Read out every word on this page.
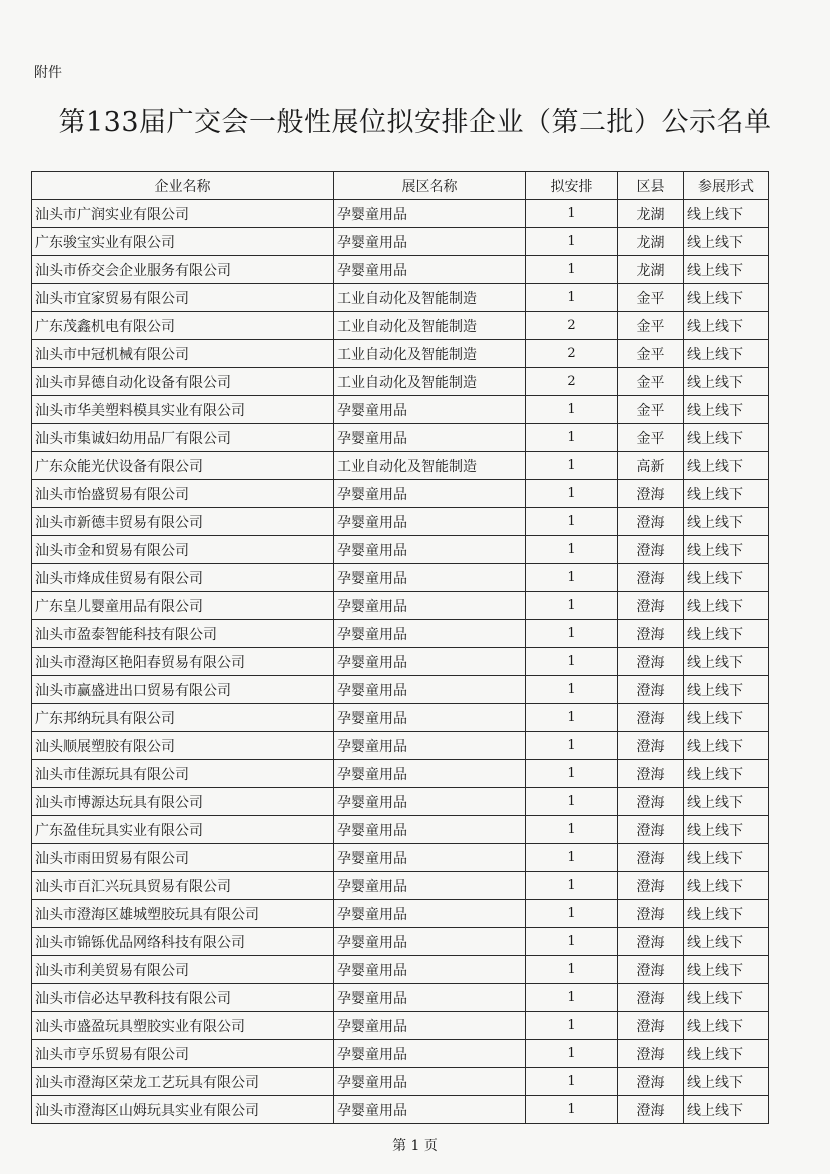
附件
第133届广交会一般性展位拟安排企业（第二批）公示名单
企业名称	展区名称	拟安排	区县	参展形式
汕头市广润实业有限公司	孕婴童用品	1	龙湖	线上线下
广东骏宝实业有限公司	孕婴童用品	1	龙湖	线上线下
汕头市侨交会企业服务有限公司	孕婴童用品	1	龙湖	线上线下
汕头市宜家贸易有限公司	工业自动化及智能制造	1	金平	线上线下
广东茂鑫机电有限公司	工业自动化及智能制造	2	金平	线上线下
汕头市中冠机械有限公司	工业自动化及智能制造	2	金平	线上线下
汕头市昇德自动化设备有限公司	工业自动化及智能制造	2	金平	线上线下
汕头市华美塑料模具实业有限公司	孕婴童用品	1	金平	线上线下
汕头市集诚妇幼用品厂有限公司	孕婴童用品	1	金平	线上线下
广东众能光伏设备有限公司	工业自动化及智能制造	1	高新	线上线下
汕头市怡盛贸易有限公司	孕婴童用品	1	澄海	线上线下
汕头市新德丰贸易有限公司	孕婴童用品	1	澄海	线上线下
汕头市金和贸易有限公司	孕婴童用品	1	澄海	线上线下
汕头市烽成佳贸易有限公司	孕婴童用品	1	澄海	线上线下
广东皇儿婴童用品有限公司	孕婴童用品	1	澄海	线上线下
汕头市盈泰智能科技有限公司	孕婴童用品	1	澄海	线上线下
汕头市澄海区艳阳春贸易有限公司	孕婴童用品	1	澄海	线上线下
汕头市赢盛进出口贸易有限公司	孕婴童用品	1	澄海	线上线下
广东邦纳玩具有限公司	孕婴童用品	1	澄海	线上线下
汕头顺展塑胶有限公司	孕婴童用品	1	澄海	线上线下
汕头市佳源玩具有限公司	孕婴童用品	1	澄海	线上线下
汕头市博源达玩具有限公司	孕婴童用品	1	澄海	线上线下
广东盈佳玩具实业有限公司	孕婴童用品	1	澄海	线上线下
汕头市雨田贸易有限公司	孕婴童用品	1	澄海	线上线下
汕头市百汇兴玩具贸易有限公司	孕婴童用品	1	澄海	线上线下
汕头市澄海区雄城塑胶玩具有限公司	孕婴童用品	1	澄海	线上线下
汕头市锦铄优品网络科技有限公司	孕婴童用品	1	澄海	线上线下
汕头市利美贸易有限公司	孕婴童用品	1	澄海	线上线下
汕头市信必达早教科技有限公司	孕婴童用品	1	澄海	线上线下
汕头市盛盈玩具塑胶实业有限公司	孕婴童用品	1	澄海	线上线下
汕头市亨乐贸易有限公司	孕婴童用品	1	澄海	线上线下
汕头市澄海区荣龙工艺玩具有限公司	孕婴童用品	1	澄海	线上线下
汕头市澄海区山姆玩具实业有限公司	孕婴童用品	1	澄海	线上线下
第 1 页
